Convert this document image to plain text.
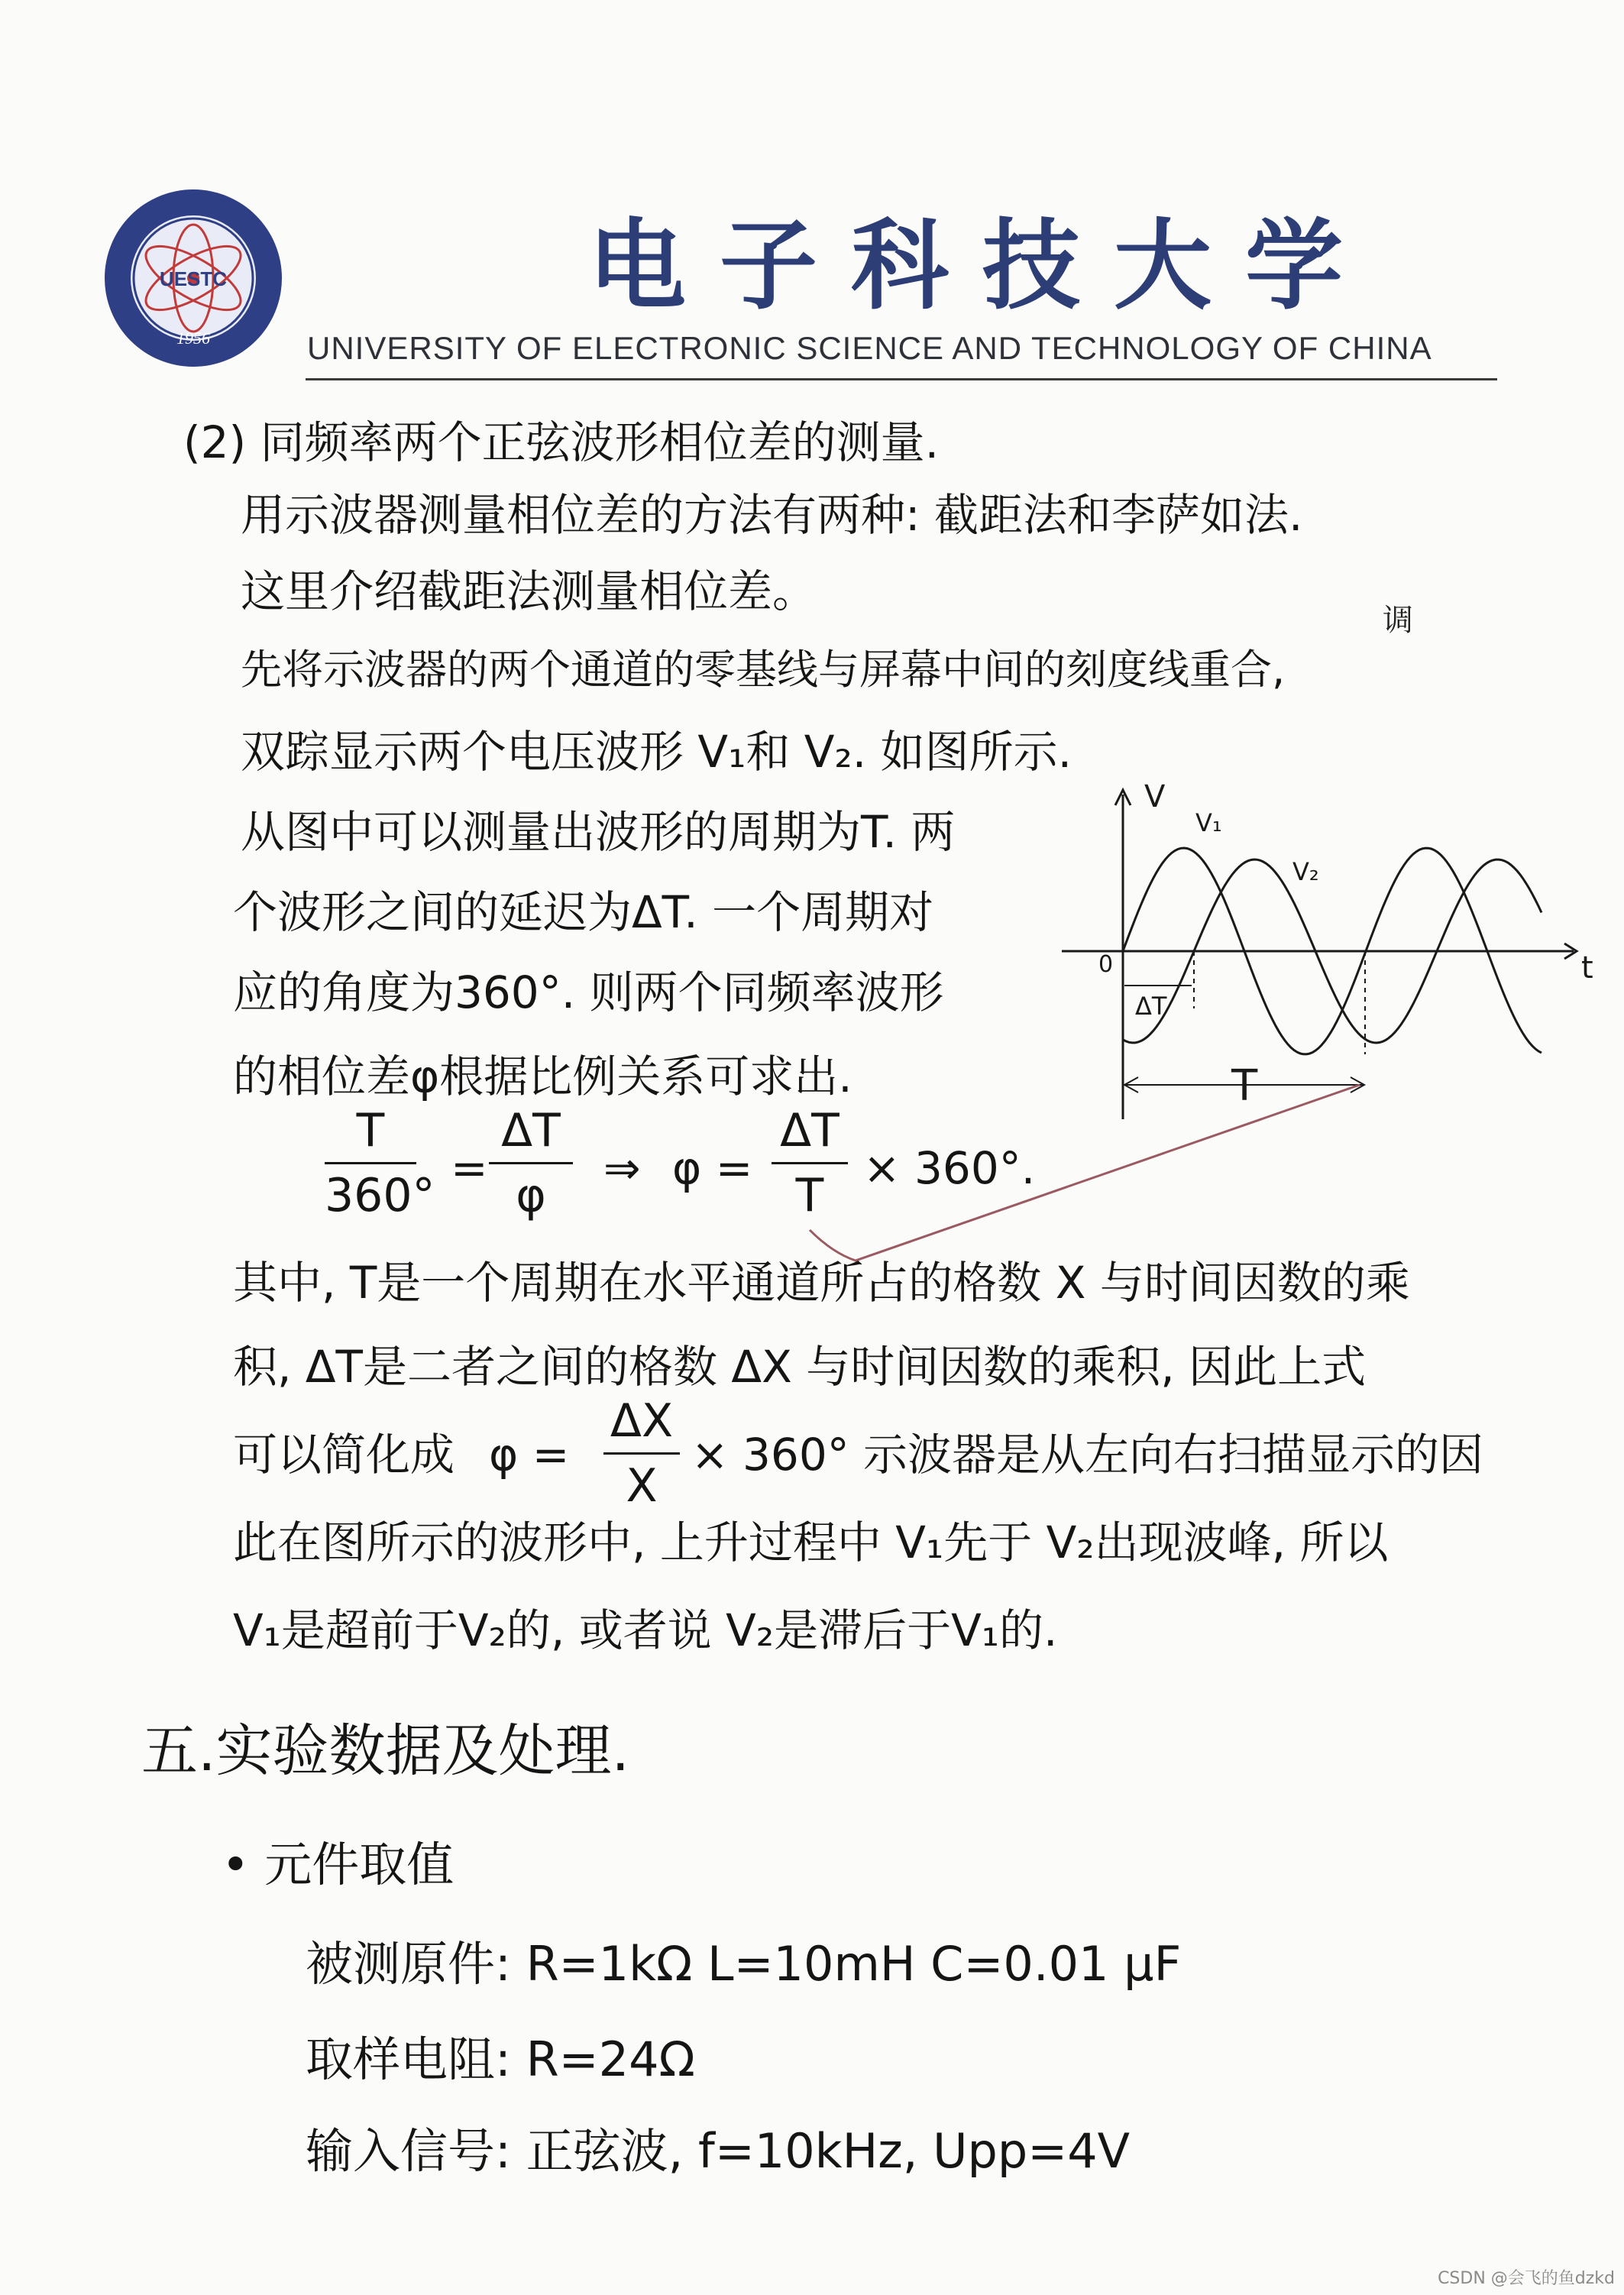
UESTC
1956
电子科技大学
UNIVERSITY OF ELECTRONIC SCIENCE AND TECHNOLOGY OF CHINA
(2) 同频率两个正弦波形相位差的测量.
用示波器测量相位差的方法有两种: 截距法和李萨如法.
这里介绍截距法测量相位差。
调
先将示波器的两个通道的零基线与屏幕中间的刻度线重合,
双踪显示两个电压波形 V₁和 V₂. 如图所示.
从图中可以测量出波形的周期为T. 两
个波形之间的延迟为ΔT. 一个周期对
应的角度为360°. 则两个同频率波形
的相位差φ根据比例关系可求出.
V
t
0
V₁
V₂
ΔT
T
T
360°
=
ΔT
φ
⇒ φ =
ΔT
T
× 360°.
其中, T是一个周期在水平通道所占的格数 X 与时间因数的乘
积, ΔT是二者之间的格数 ΔX 与时间因数的乘积, 因此上式
可以简化成 φ =
ΔX
X
× 360° 示波器是从左向右扫描显示的因
此在图所示的波形中, 上升过程中 V₁先于 V₂出现波峰, 所以
V₁是超前于V₂的, 或者说 V₂是滞后于V₁的.
五.实验数据及处理.
• 元件取值
被测原件: R=1kΩ L=10mH C=0.01 μF
取样电阻: R=24Ω
输入信号: 正弦波, f=10kHz, Upp=4V
CSDN @会飞的鱼dzkd
